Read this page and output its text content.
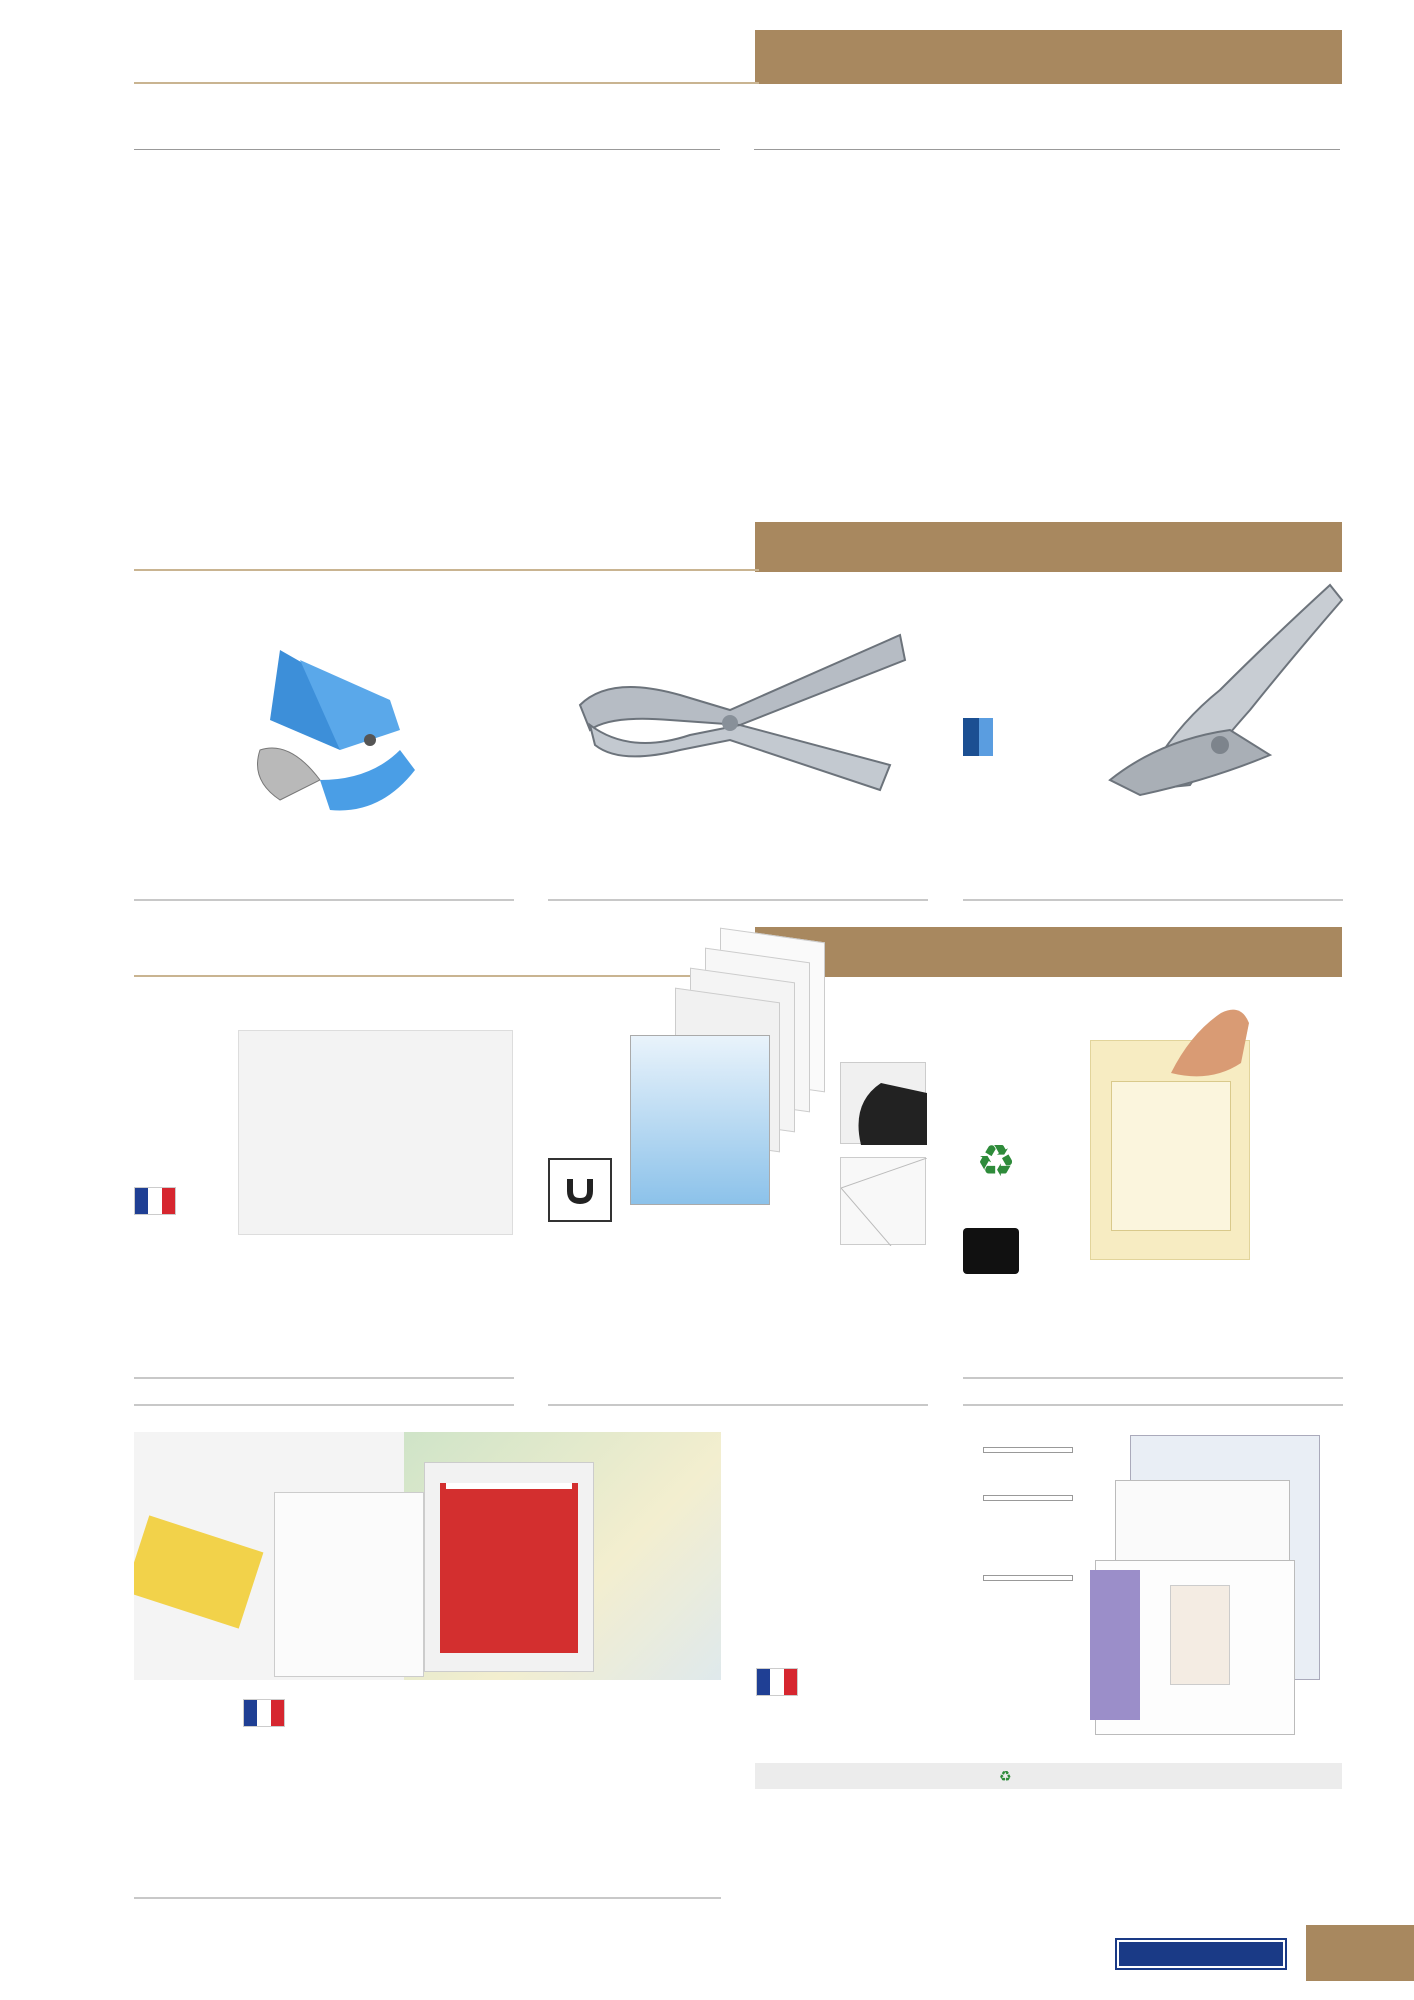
♻
		♻	
